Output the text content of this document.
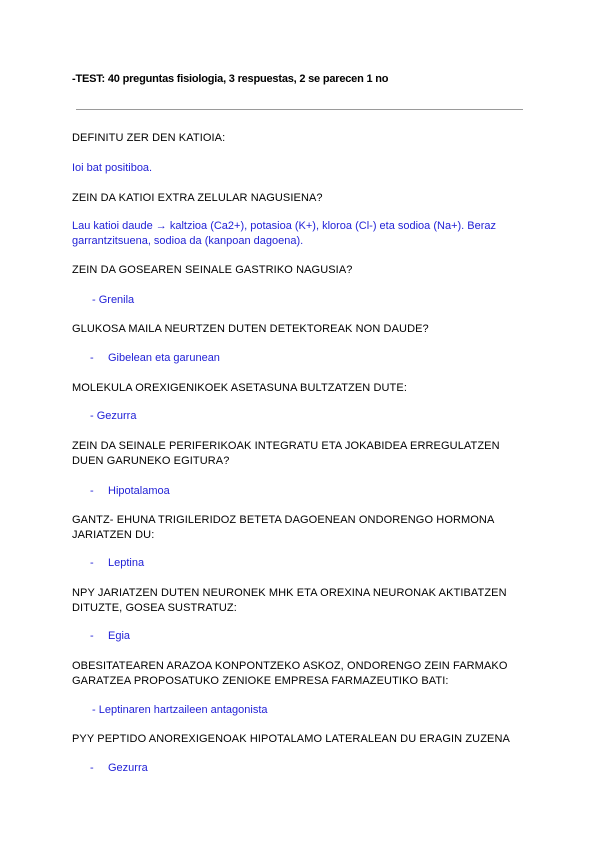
-TEST: 40 preguntas fisiologia, 3 respuestas, 2 se parecen 1 no
DEFINITU ZER DEN KATIOIA:
Ioi bat positiboa.
ZEIN DA KATIOI EXTRA ZELULAR NAGUSIENA?
Lau katioi daude → kaltzioa (Ca2+), potasioa (K+), kloroa (Cl-) eta sodioa (Na+). Beraz garrantzitsuena, sodioa da (kanpoan dagoena).
ZEIN DA GOSEAREN SEINALE GASTRIKO NAGUSIA?
- Grenila
GLUKOSA MAILA NEURTZEN DUTEN DETEKTOREAK NON DAUDE?
- Gibelean eta garunean
MOLEKULA OREXIGENIKOEK ASETASUNA BULTZATZEN DUTE:
- Gezurra
ZEIN DA SEINALE PERIFERIKOAK INTEGRATU ETA JOKABIDEA ERREGULATZEN DUEN GARUNEKO EGITURA?
- Hipotalamoa
GANTZ- EHUNA TRIGILERIDOZ BETETA DAGOENEAN ONDORENGO HORMONA JARIATZEN DU:
- Leptina
NPY JARIATZEN DUTEN NEURONEK MHK ETA OREXINA NEURONAK AKTIBATZEN DITUZTE, GOSEA SUSTRATUZ:
- Egia
OBESITATEAREN ARAZOA KONPONTZEKO ASKOZ, ONDORENGO ZEIN FARMAKO GARATZEA PROPOSATUKO ZENIOKE EMPRESA FARMAZEUTIKO BATI:
- Leptinaren hartzaileen antagonista
PYY PEPTIDO ANOREXIGENOAK HIPOTALAMO LATERALEAN DU ERAGIN ZUZENA
- Gezurra
